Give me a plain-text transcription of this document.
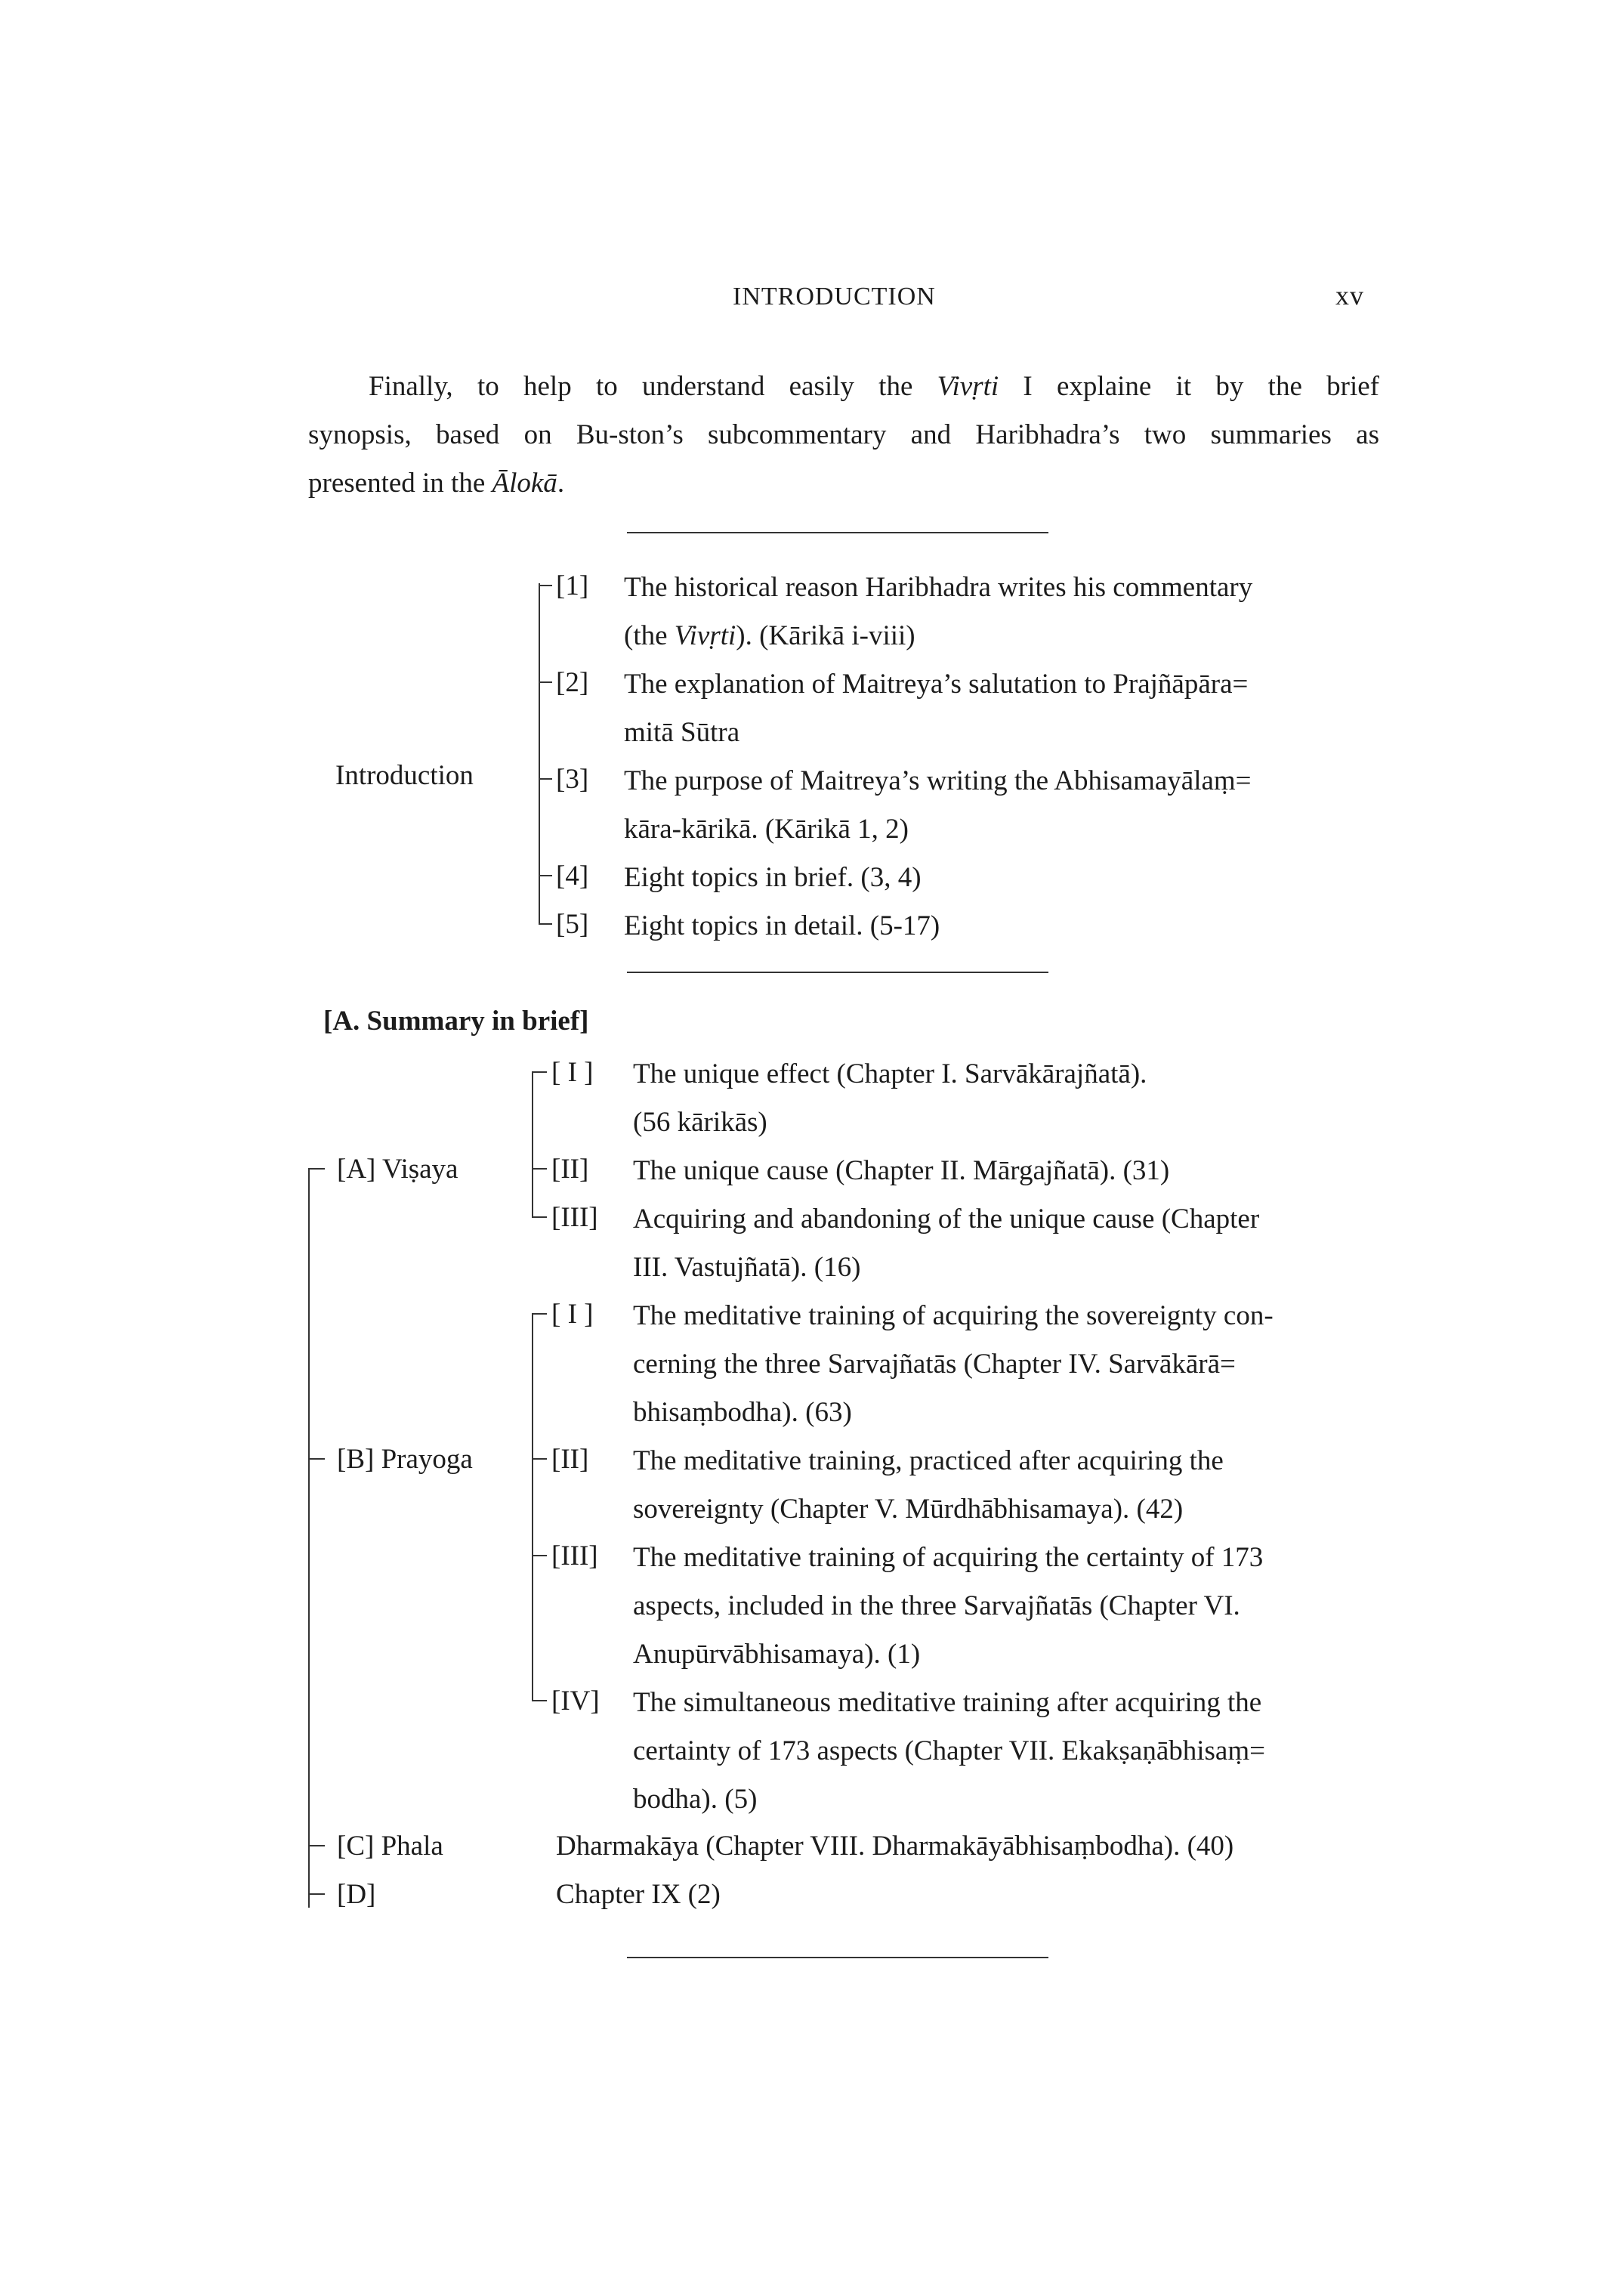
INTRODUCTION	xv
Finally, to help to understand easily the Vivṛti I explaine it by the brief
synopsis, based on Bu-ston’s subcommentary and Haribhadra’s two summaries as
presented in the Ālokā.
Introduction
[1] The historical reason Haribhadra writes his commentary
(the Vivṛti). (Kārikā i-viii)
[2] The explanation of Maitreya’s salutation to Prajñāpāra=
mitā Sūtra
[3] The purpose of Maitreya’s writing the Abhisamayālaṃ=
kāra-kārikā. (Kārikā 1, 2)
[4] Eight topics in brief. (3, 4)
[5] Eight topics in detail. (5-17)
[A. Summary in brief]
[A] Viṣaya
[ I ] The unique effect (Chapter I. Sarvākārajñatā).
(56 kārikās)
[II] The unique cause (Chapter II. Mārgajñatā). (31)
[III] Acquiring and abandoning of the unique cause (Chapter
III. Vastujñatā). (16)
[B] Prayoga
[ I ] The meditative training of acquiring the sovereignty con-
cerning the three Sarvajñatās (Chapter IV. Sarvākārā=
bhisaṃbodha). (63)
[II] The meditative training, practiced after acquiring the
sovereignty (Chapter V. Mūrdhābhisamaya). (42)
[III] The meditative training of acquiring the certainty of 173
aspects, included in the three Sarvajñatās (Chapter VI.
Anupūrvābhisamaya). (1)
[IV] The simultaneous meditative training after acquiring the
certainty of 173 aspects (Chapter VII. Ekakṣaṇābhisaṃ=
bodha). (5)
[C] Phala	Dharmakāya (Chapter VIII. Dharmakāyābhisaṃbodha). (40)
[D]	Chapter IX (2)
